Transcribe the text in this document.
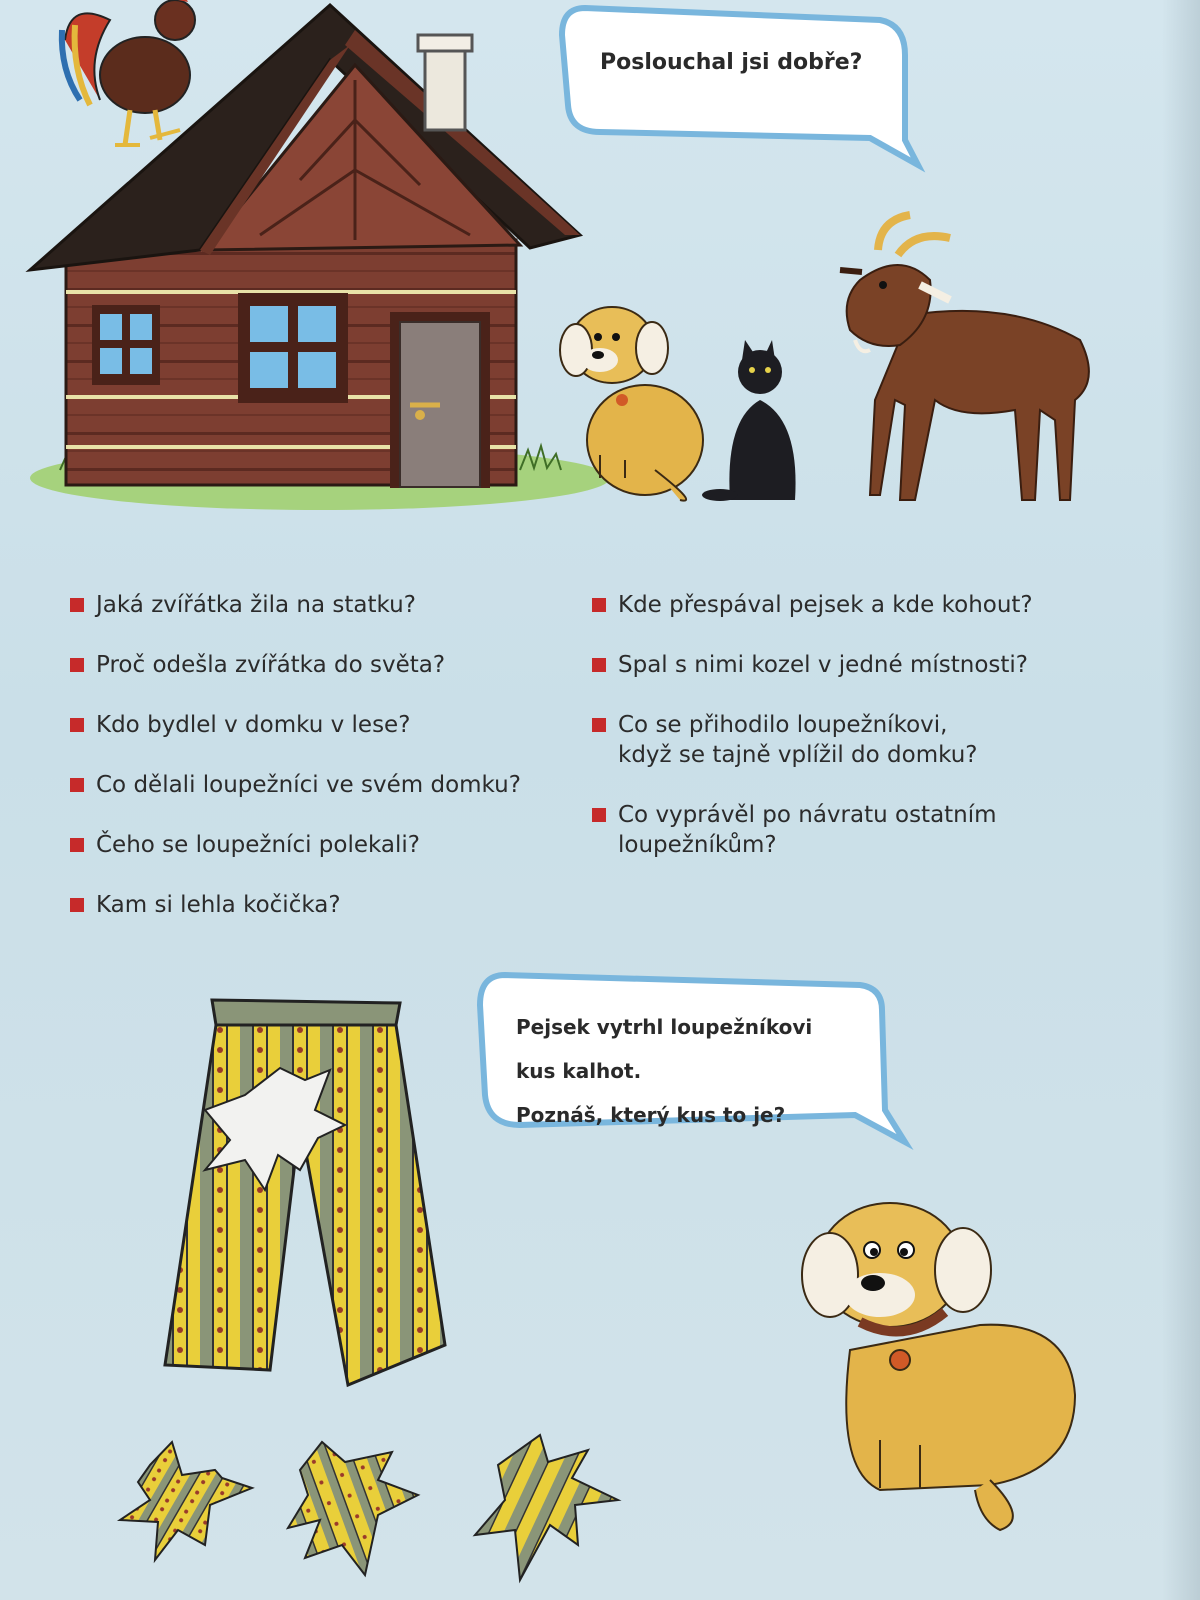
Poslouchal jsi dobře?
Jaká zvířátka žila na statku?
Proč odešla zvířátka do světa?
Kdo bydlel v domku v lese?
Co dělali loupežníci ve svém domku?
Čeho se loupežníci polekali?
Kam si lehla kočička?
Kde přespával pejsek a kde kohout?
Spal s nimi kozel v jedné místnosti?
Co se přihodilo loupežníkovi,
když se tajně vplížil do domku?
Co vyprávěl po návratu ostatním
loupežníkům?
Pejsek vytrhl loupežníkovi
kus kalhot.
Poznáš, který kus to je?
